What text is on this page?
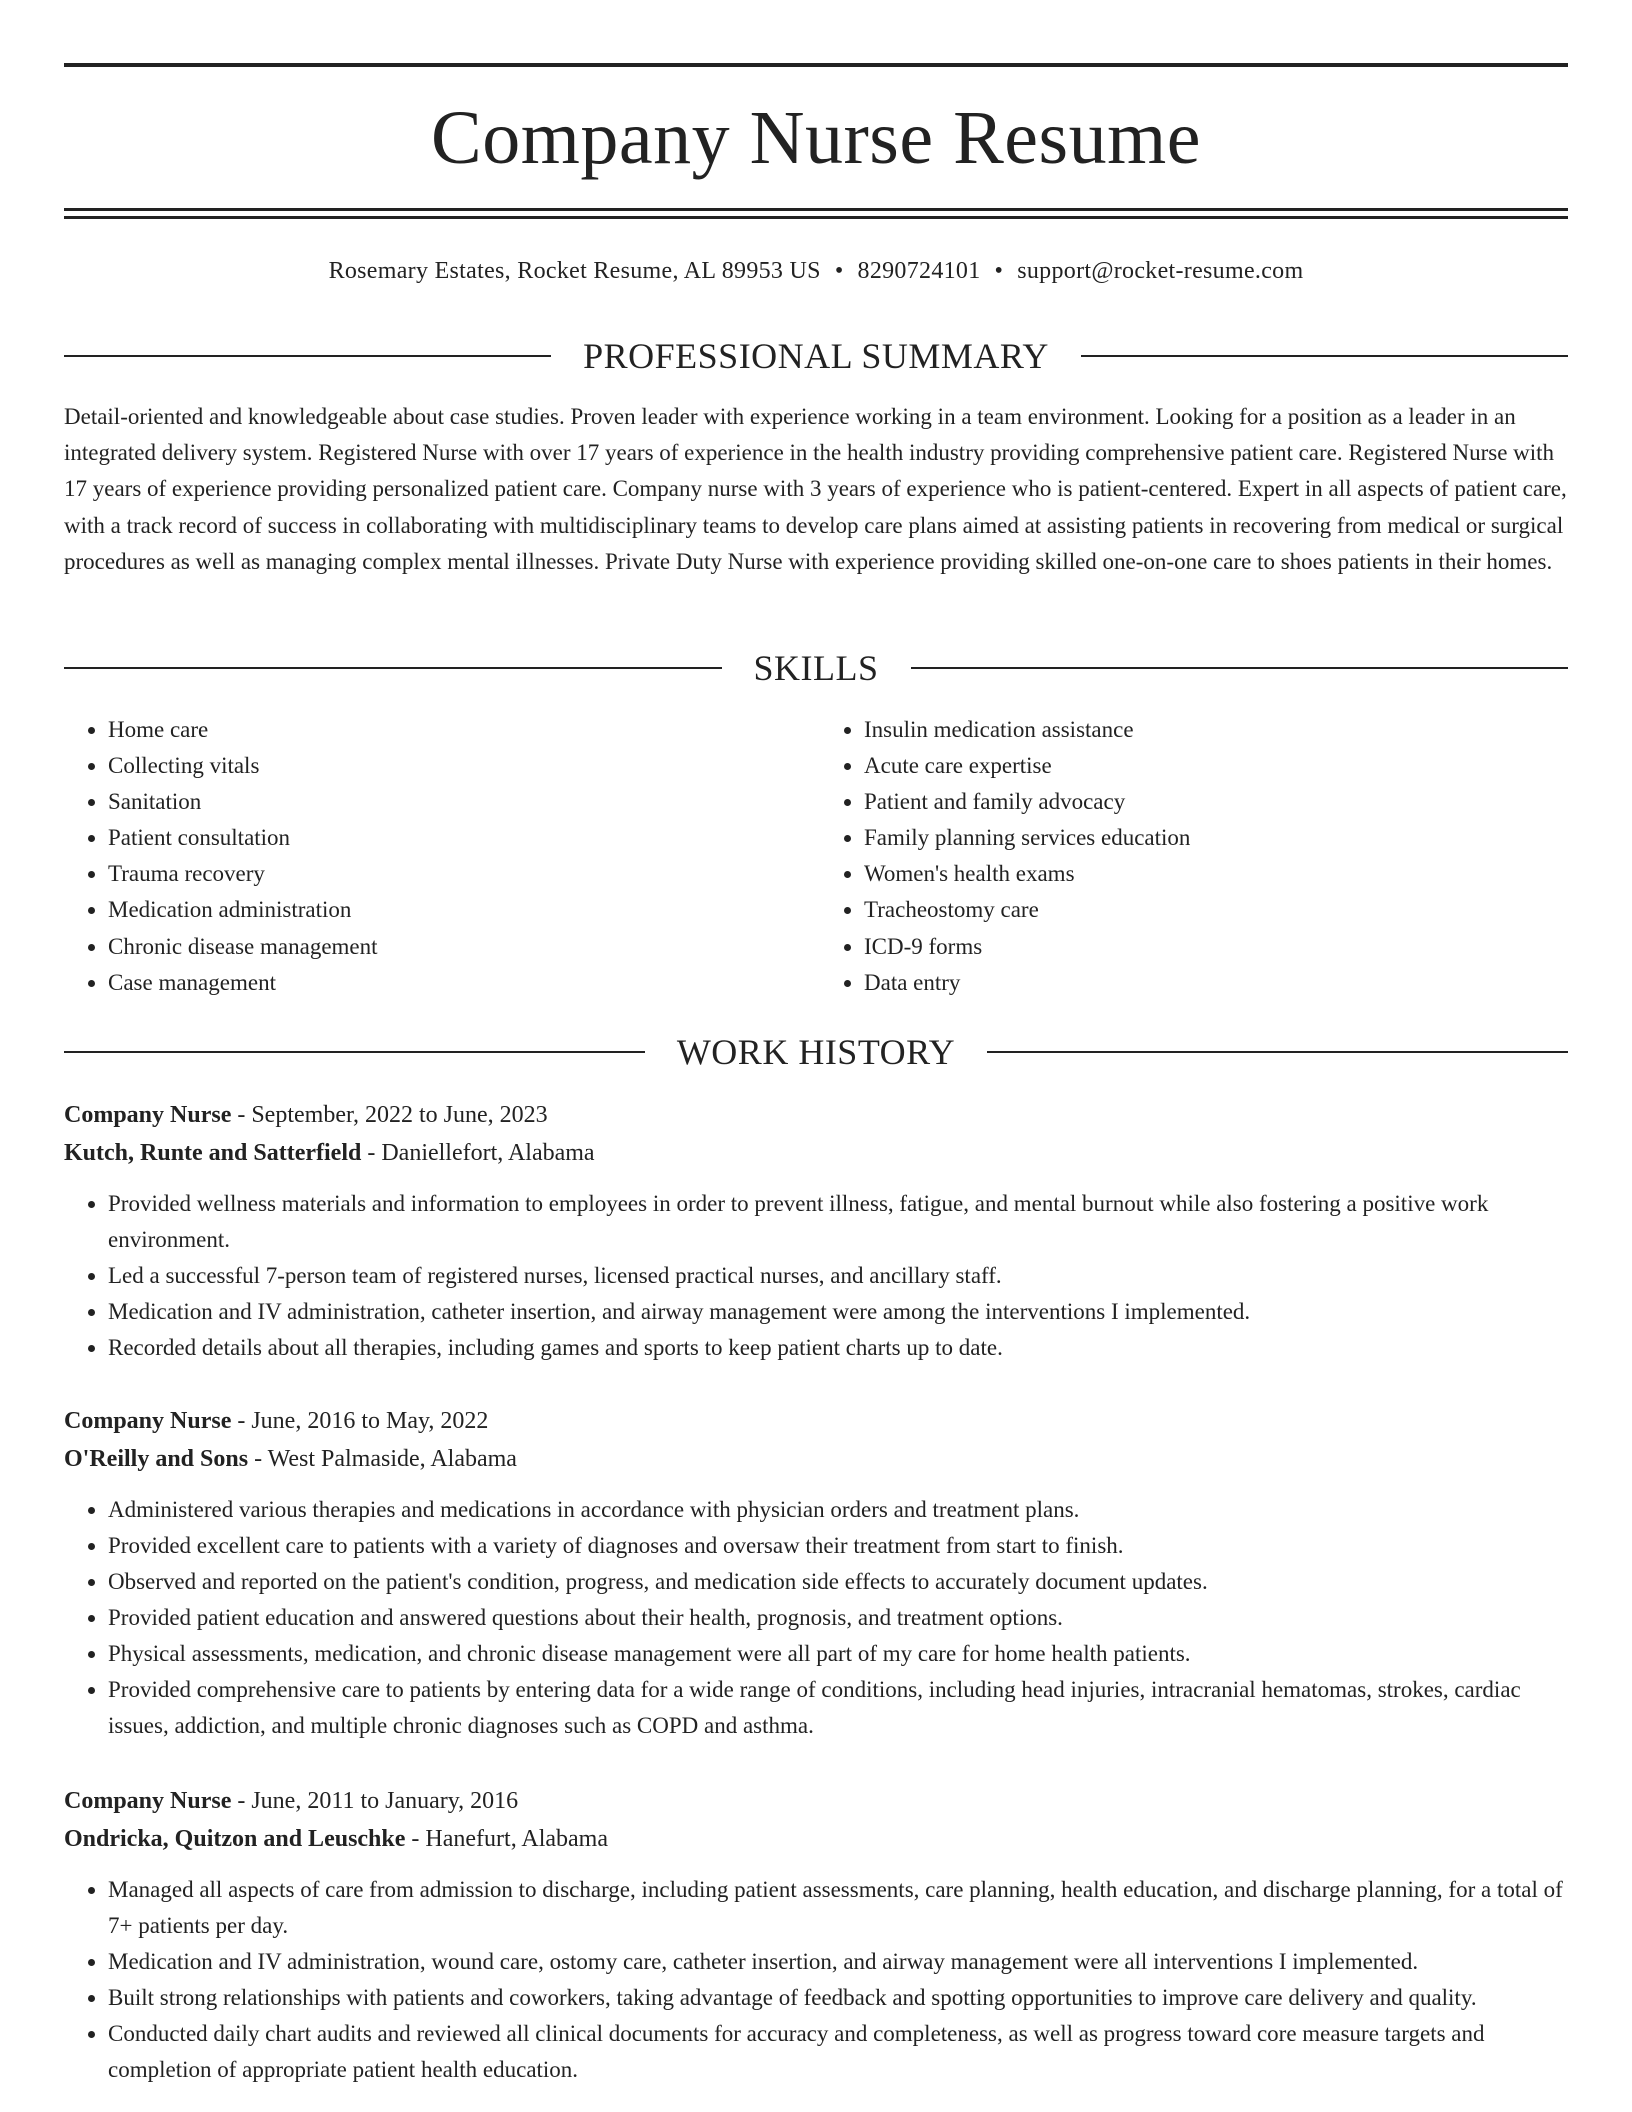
Company Nurse Resume
Rosemary Estates, Rocket Resume, AL 89953 US • 8290724101 • support@rocket-resume.com
PROFESSIONAL SUMMARY

Detail-oriented and knowledgeable about case studies. Proven leader with experience working in a team environment. Looking for a position as a leader in an integrated delivery system. Registered Nurse with over 17 years of experience in the health industry providing comprehensive patient care. Registered Nurse with 17 years of experience providing personalized patient care. Company nurse with 3 years of experience who is patient-centered. Expert in all aspects of patient care, with a track record of success in collaborating with multidisciplinary teams to develop care plans aimed at assisting patients in recovering from medical or surgical procedures as well as managing complex mental illnesses. Private Duty Nurse with experience providing skilled one-on-one care to shoes patients in their homes.

SKILLS
• Home care
• Collecting vitals
• Sanitation
• Patient consultation
• Trauma recovery
• Medication administration
• Chronic disease management
• Case management
• Insulin medication assistance
• Acute care expertise
• Patient and family advocacy
• Family planning services education
• Women's health exams
• Tracheostomy care
• ICD-9 forms
• Data entry
WORK HISTORY
Company Nurse - September, 2022 to June, 2023
Kutch, Runte and Satterfield - Daniellefort, Alabama
• Provided wellness materials and information to employees in order to prevent illness, fatigue, and mental burnout while also fostering a positive work environment.
• Led a successful 7-person team of registered nurses, licensed practical nurses, and ancillary staff.
• Medication and IV administration, catheter insertion, and airway management were among the interventions I implemented.
• Recorded details about all therapies, including games and sports to keep patient charts up to date.
Company Nurse - June, 2016 to May, 2022
O'Reilly and Sons - West Palmaside, Alabama
• Administered various therapies and medications in accordance with physician orders and treatment plans.
• Provided excellent care to patients with a variety of diagnoses and oversaw their treatment from start to finish.
• Observed and reported on the patient's condition, progress, and medication side effects to accurately document updates.
• Provided patient education and answered questions about their health, prognosis, and treatment options.
• Physical assessments, medication, and chronic disease management were all part of my care for home health patients.
• Provided comprehensive care to patients by entering data for a wide range of conditions, including head injuries, intracranial hematomas, strokes, cardiac issues, addiction, and multiple chronic diagnoses such as COPD and asthma.
Company Nurse - June, 2011 to January, 2016
Ondricka, Quitzon and Leuschke - Hanefurt, Alabama
• Managed all aspects of care from admission to discharge, including patient assessments, care planning, health education, and discharge planning, for a total of 7+ patients per day.
• Medication and IV administration, wound care, ostomy care, catheter insertion, and airway management were all interventions I implemented.
• Built strong relationships with patients and coworkers, taking advantage of feedback and spotting opportunities to improve care delivery and quality.
• Conducted daily chart audits and reviewed all clinical documents for accuracy and completeness, as well as progress toward core measure targets and completion of appropriate patient health education.
